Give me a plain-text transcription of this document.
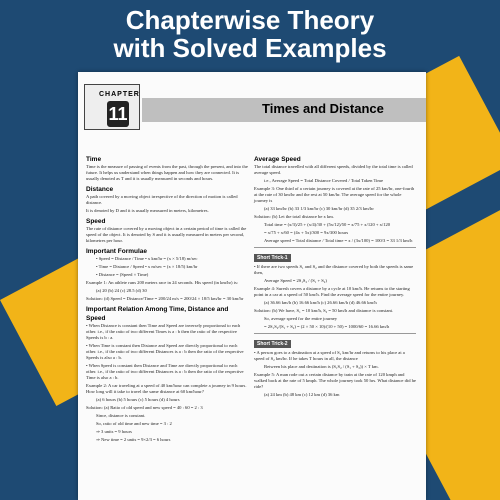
Chapterwise Theory
with Solved Examples
Times and Distance
CHAPTER
11
Time
Time is the measure of passing of events from the past, through the present, and into the future. It helps us understand when things happen and how they are connected. It is usually denoted as T and it is usually measured in seconds and hours.
Distance
A path covered by a moving object irrespective of the direction of motion is called distance.
It is denoted by D and it is usually measured in meters, kilometres.
Speed
The rate of distance covered by a moving object in a certain period of time is called the speed of the object. It is denoted by S and it is usually measured in meters per second, kilometres per hour.
Important Formulae
• Speed = Distance / Time • x km/hr = (x × 5/18) m/sec
• Time = Distance / Speed • x m/sec = (x × 18/5) km/hr
• Distance = (Speed × Time)
Example 1: An athlete runs 200 meters race in 24 seconds. His speed (in km/hr) is:
(a) 20 (b) 24 (c) 28.5 (d) 30
Solution: (d) Speed = Distance/Time = 200/24 m/s = 200/24 × 18/5 km/hr = 30 km/hr
Important Relation Among Time, Distance and Speed
• When Distance is constant then Time and Speed are inversely proportional to each other. i.e., if the ratio of two different Times is a : b then the ratio of the respective Speeds is b : a.
• When Time is constant then Distance and Speed are directly proportional to each other. i.e., if the ratio of two different Distances is a : b then the ratio of the respective Speeds is also a : b.
• When Speed is constant then Distance and Time are directly proportional to each other. i.e., if the ratio of two different Distances is a : b then the ratio of the respective Time is also a : b.
Example 2: A car traveling at a speed of 40 km/hour can complete a journey in 9 hours. How long will it take to travel the same distance at 60 km/hour?
(a) 6 hours (b) 5 hours (c) 5 hours (d) 4 hours
Solution: (a) Ratio of old speed and new speed = 40 : 60 = 2 : 3
Since, distance is constant.
So, ratio of old time and new time = 3 : 2
⇒ 3 units = 9 hours
⇒ New time = 2 units = 9×2/3 = 6 hours
Average Speed
The total distance travelled with all different speeds, divided by the total time is called average speed.
i.e., Average Speed = Total Distance Covered / Total Taken Time
Example 3: One third of a certain journey is covered at the rate of 25 km/hr, one-fourth at the rate of 30 km/hr and the rest at 50 km/hr. The average speed for the whole journey is
(a) 33 km/hr (b) 33 1/3 km/hr (c) 30 km/hr (d) 35 2/3 km/hr
Solution: (b) Let the total distance be x km.
Total time = (x/3)/25 + (x/4)/30 + (5x/12)/50 = x/75 + x/120 + x/120
= x/75 + x/60 = (4x + 5x)/300 = 9x/300 hours
Average speed = Total distance / Total time = x / (3x/100) = 100/3 = 33 1/3 km/h
Short Trick-1
• If there are two speeds S₁ and S₂ and the distance covered by both the speeds is same then,
Average Speed = 2S₁S₂ / (S₁ + S₂)
Example 4: Suresh covers a distance by a cycle at 10 km/h. He returns to the starting point in a car at a speed of 50 km/h. Find the average speed for the entire journey.
(a) 36.66 km/h (b) 16.66 km/h (c) 26.66 km/h (d) 46.66 km/h
Solution: (b) We have, S₁ = 10 km/h, S₂ = 50 km/h and distance is constant.
So, average speed for the entire journey
= 2S₁S₂/(S₁ + S₂) = (2 × 50 × 10)/(10 + 50) = 1000/60 = 16.66 km/h
Short Trick-2
• A person goes to a destination at a speed of S₁ km/hr and returns to his place at a speed of S₂ km/hr. If he takes T hours in all, the distance
Between his place and destination is (S₁S₂ / (S₁ + S₂)) × T km.
Example 5: A man rode out a certain distance by train at the rate of 120 kmph and walked back at the rate of 5 kmph. The whole journey took 50 hrs. What distance did he ride?
(a) 24 km (b) 48 km (c) 12 km (d) 36 km
